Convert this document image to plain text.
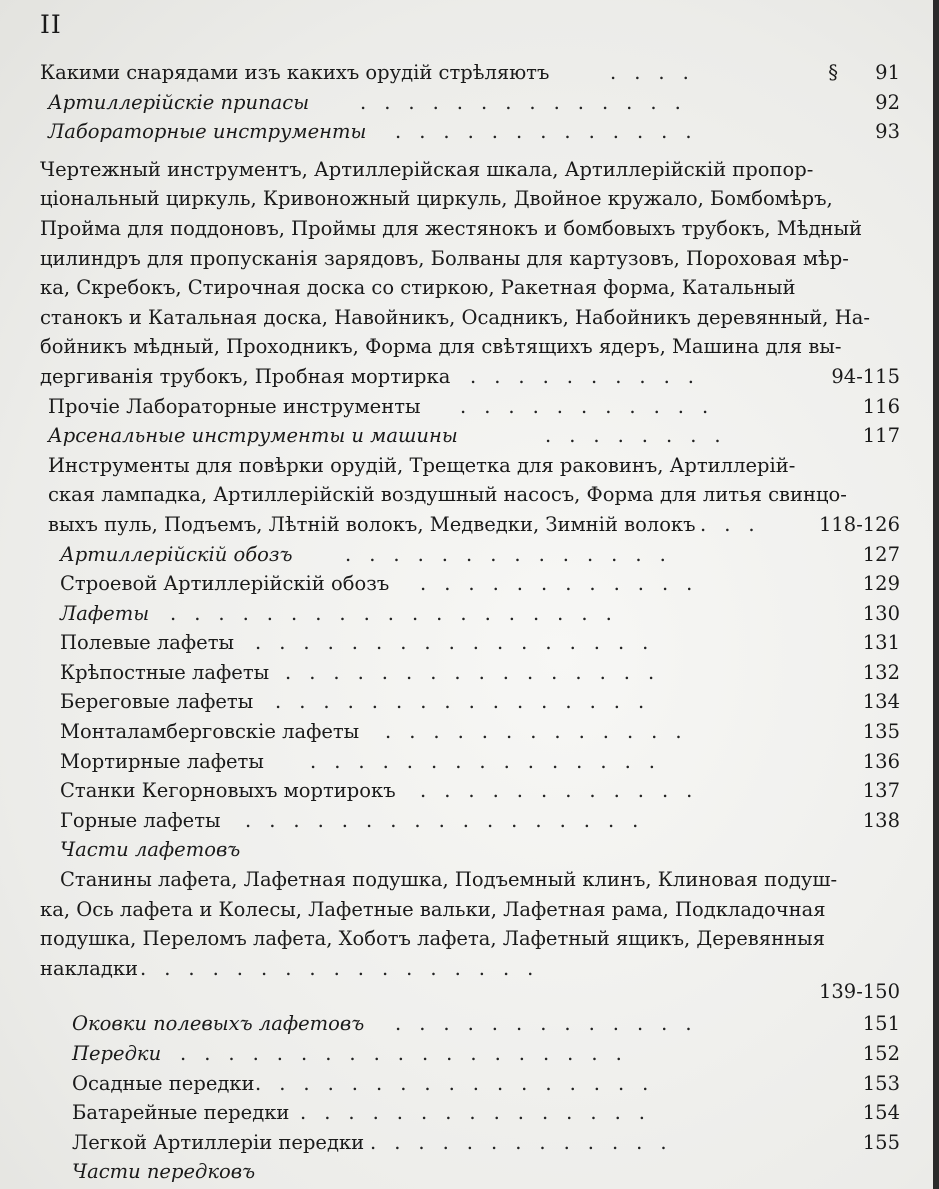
II
Какими снарядами изъ какихъ орудій стрѣляютъ	....	§ 91
Артиллерійскіе припасы	..............	92
Лабораторные инструменты .............	93
Чертежный инструментъ, Артиллерійская шкала, Артиллерійскій пропор-
ціональный циркуль, Кривоножный циркуль, Двойное кружало, Бомбомѣръ,
Пройма для поддоновъ, Проймы для жестянокъ и бомбовыхъ трубокъ, Мѣдный
цилиндръ для пропусканія зарядовъ, Болваны для картузовъ, Пороховая мѣр-
ка, Скребокъ, Стирочная доска со стиркою, Ракетная форма, Катальный
станокъ и Катальная доска, Навойникъ, Осадникъ, Набойникъ деревянный, На-
бойникъ мѣдный, Проходникъ, Форма для свѣтящихъ ядеръ, Машина для вы-
дергиванія трубокъ, Пробная мортирка ..........	94-115
Прочіе Лабораторные инструменты ...........	116
Арсенальные инструменты и машины	........	117
Инструменты для повѣрки орудій, Трещетка для раковинъ, Артиллерій-
ская лампадка, Артиллерійскій воздушный насосъ, Форма для литья свинцо-
выхъ пуль, Подъемъ, Лѣтній волокъ, Медведки, Зимній волокъ ...	118-126
Артиллерійскій обозъ	..............	127
Строевой Артиллерійскій обозъ ............	129
Лафеты ...................	130
Полевые лафеты .................	131
Крѣпостные лафеты ................	132
Береговые лафеты ................	134
Монталамберговскіе лафеты .............	135
Мортирные лафеты ...............	136
Станки Кегорновыхъ мортирокъ ............	137
Горные лафеты .................	138
Части лафетовъ
Станины лафета, Лафетная подушка, Подъемный клинъ, Клиновая подуш-
ка, Ось лафета и Колесы, Лафетные вальки, Лафетная рама, Подкладочная
подушка, Переломъ лафета, Хоботъ лафета, Лафетный ящикъ, Деревянныя
накладки .................
139-150
Оковки полевыхъ лафетовъ .............	151
Передки ...................	152
Осадные передки .................	153
Батарейные передки ...............	154
Легкой Артиллеріи передки .............	155
Части передковъ
